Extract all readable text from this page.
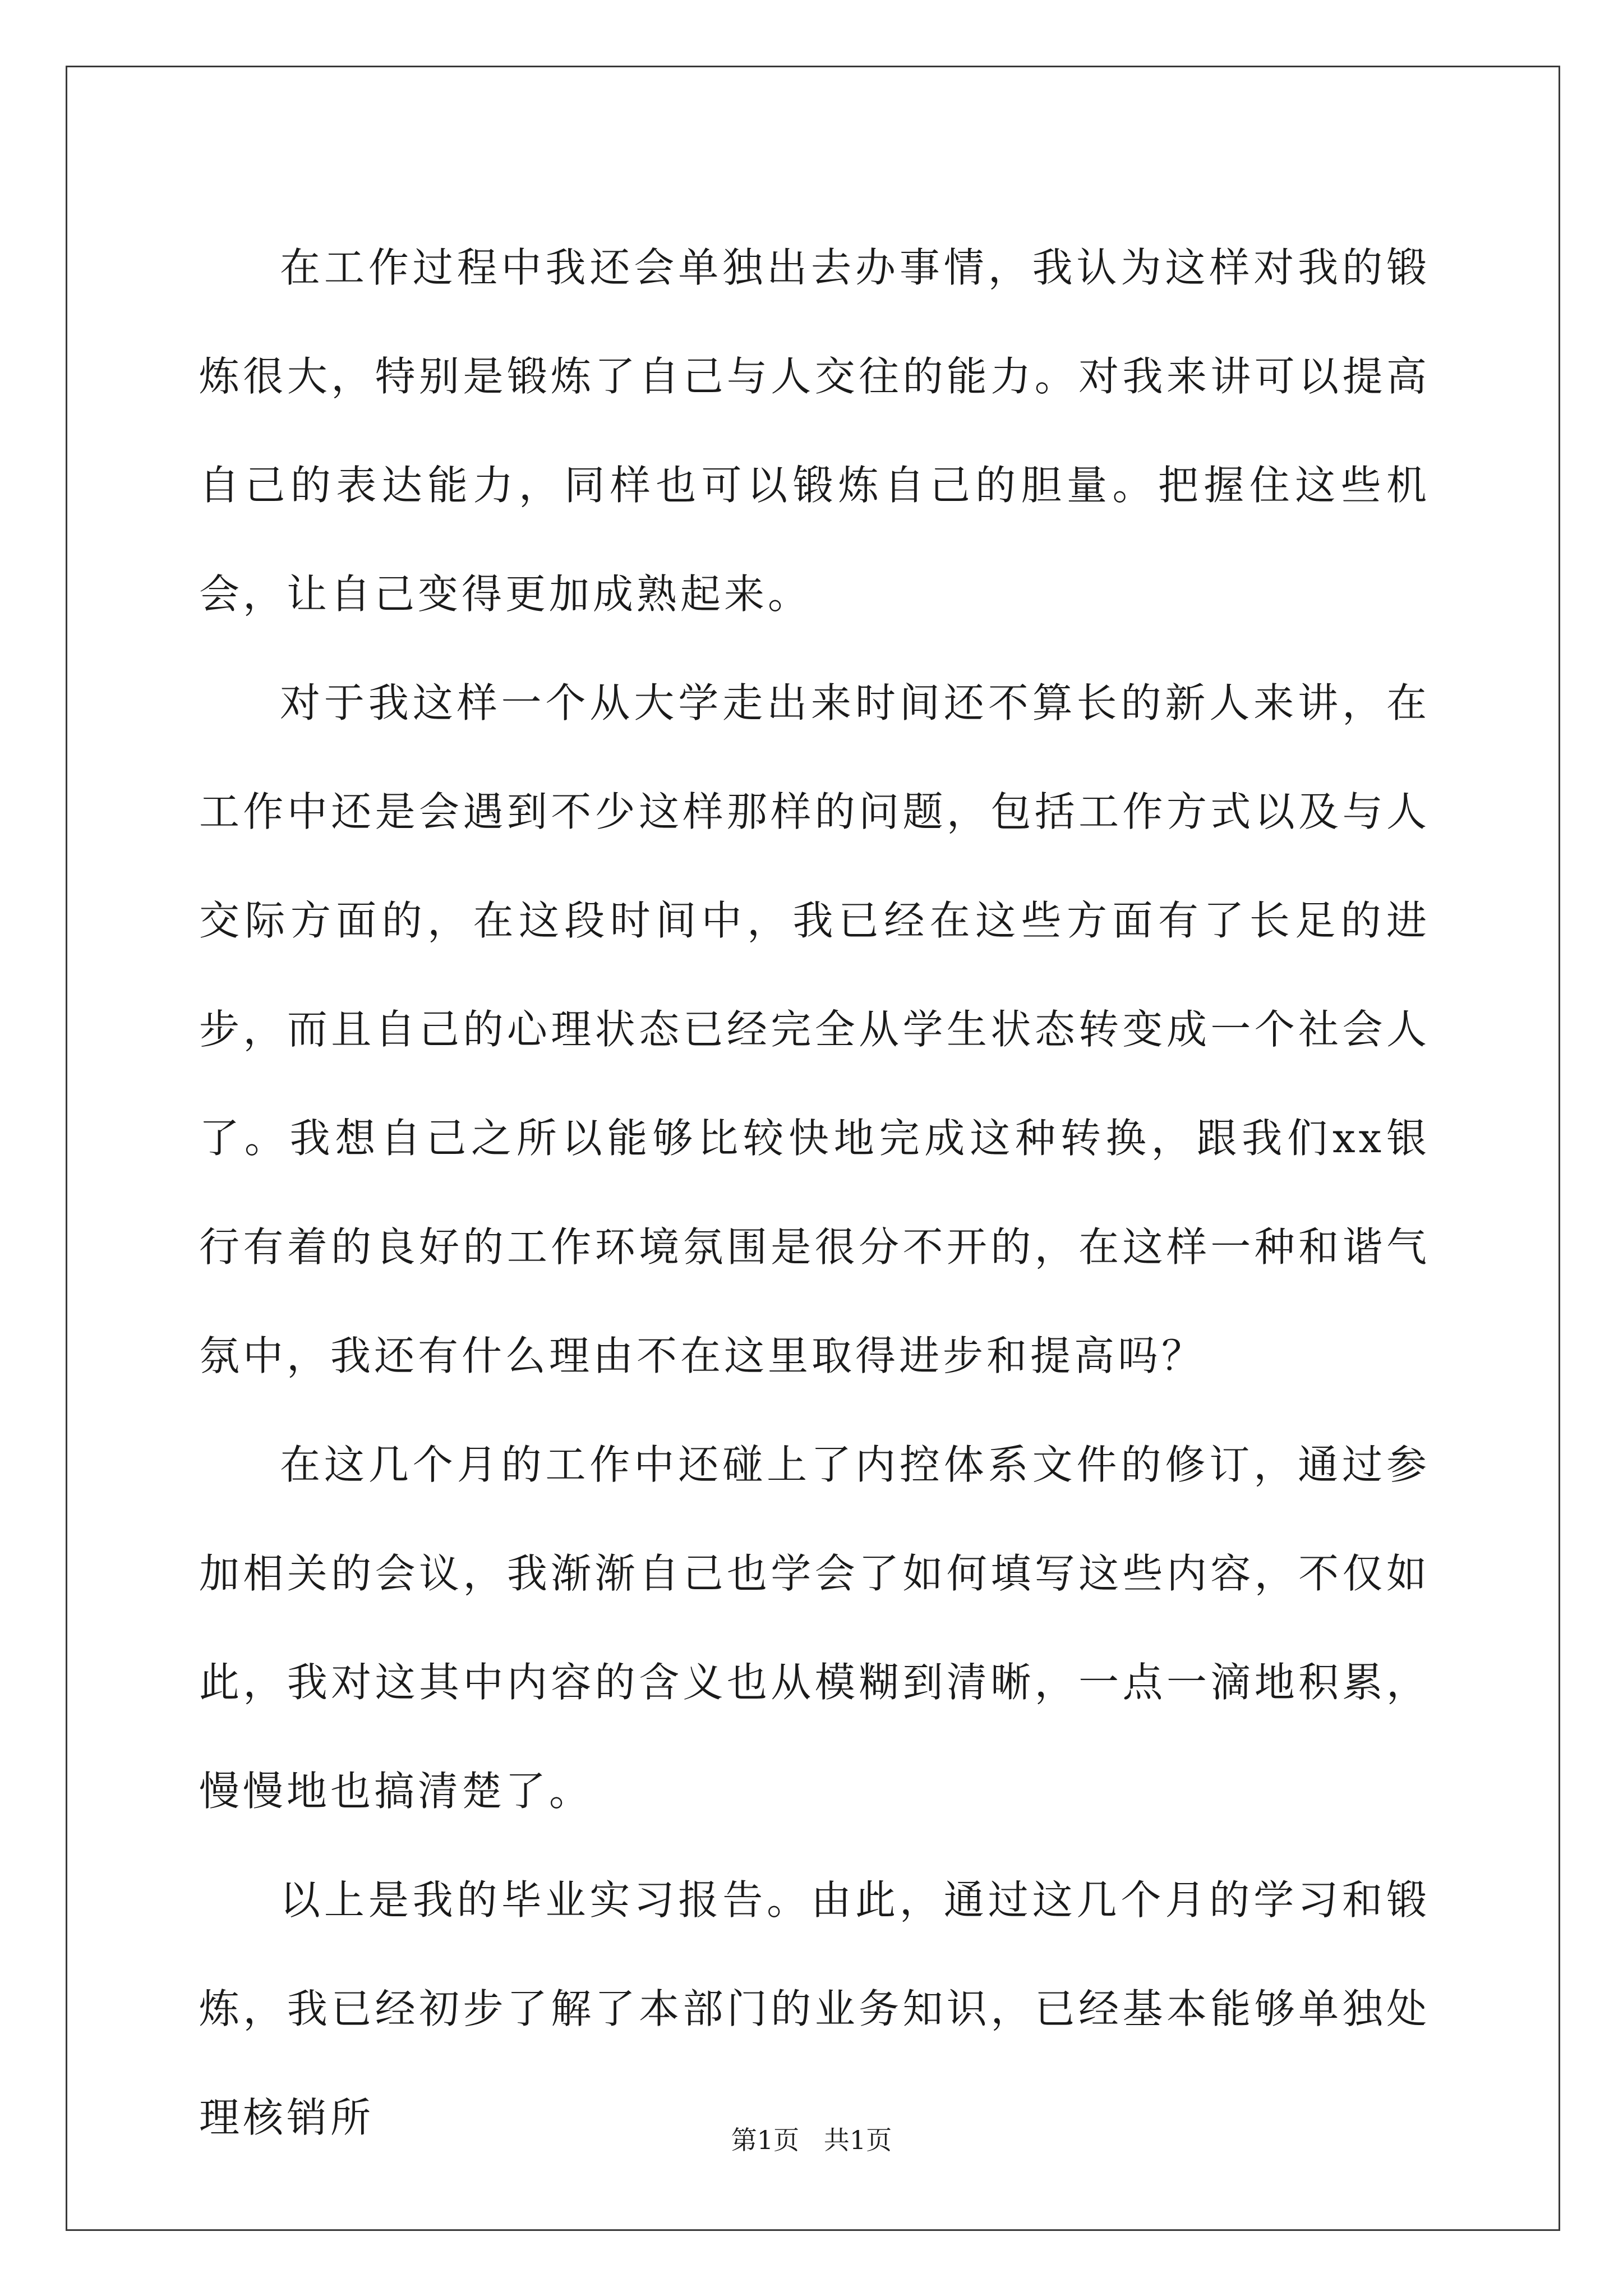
在工作过程中我还会单独出去办事情，我认为这样对我的锻炼很大，特别是锻炼了自己与人交往的能力。对我来讲可以提高自己的表达能力，同样也可以锻炼自己的胆量。把握住这些机会，让自己变得更加成熟起来。

对于我这样一个从大学走出来时间还不算长的新人来讲，在工作中还是会遇到不少这样那样的问题，包括工作方式以及与人交际方面的，在这段时间中，我已经在这些方面有了长足的进步，而且自己的心理状态已经完全从学生状态转变成一个社会人了。我想自己之所以能够比较快地完成这种转换，跟我们xx银行有着的良好的工作环境氛围是很分不开的，在这样一种和谐气氛中，我还有什么理由不在这里取得进步和提高吗？

在这几个月的工作中还碰上了内控体系文件的修订，通过参加相关的会议，我渐渐自己也学会了如何填写这些内容，不仅如此，我对这其中内容的含义也从模糊到清晰，一点一滴地积累，慢慢地也搞清楚了。

以上是我的毕业实习报告。由此，通过这几个月的学习和锻炼，我已经初步了解了本部门的业务知识，已经基本能够单独处理核销所	第1页   共1页
